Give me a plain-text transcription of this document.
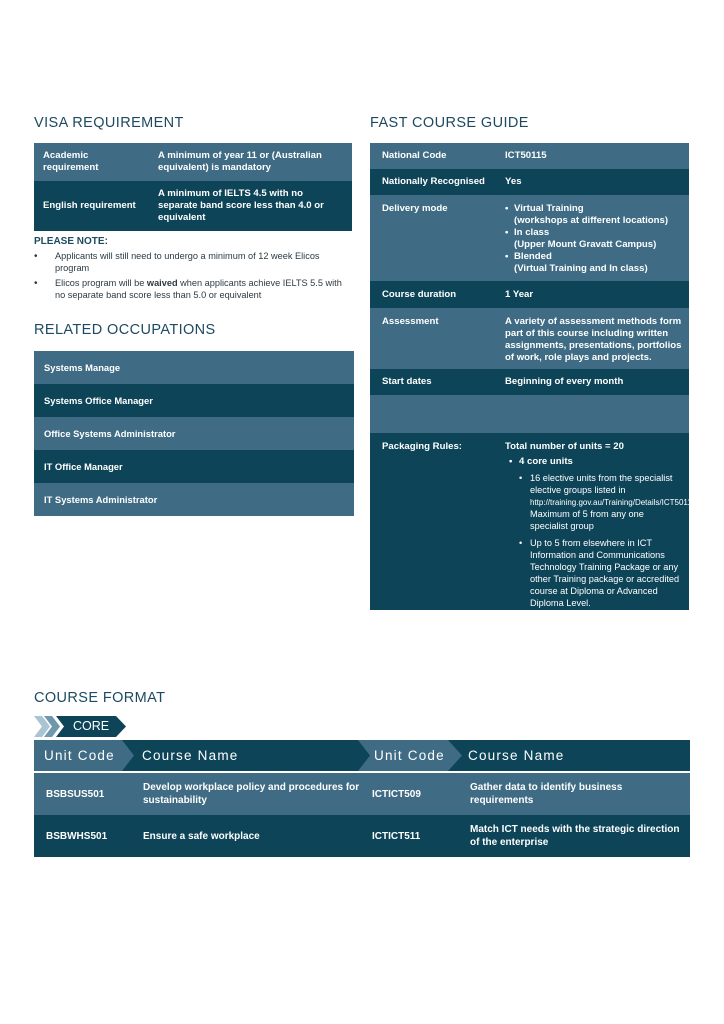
VISA REQUIREMENT
Academic requirement
A minimum of year 11 or (Australian equivalent) is mandatory
English requirement
A minimum of IELTS 4.5 with no separate band score less than 4.0 or equivalent
PLEASE NOTE:
• Applicants will still need to undergo a minimum of 12 week Elicos program
• Elicos program will be waived when applicants achieve IELTS 5.5 with no separate band score less than 5.0 or equivalent
RELATED OCCUPATIONS
Systems Manage
Systems Office Manager
Office Systems Administrator
IT Office Manager
IT Systems Administrator
FAST COURSE GUIDE
National Code	ICT50115
Nationally Recognised	Yes
Delivery mode
•	Virtual Training
(workshops at different locations)
• In class
(Upper Mount Gravatt Campus)
• Blended
(Virtual Training and In class)
Course duration	1 Year
Assessment	A variety of assessment methods form part of this course including written assignments, presentations, portfolios of work, role plays and projects.
Start dates	Beginning of every month
Packaging Rules:	Total number of units = 20
• 4 core units
• 16 elective units from the specialist elective groups listed in http://training.gov.au/Training/Details/ICT50115. Maximum of 5 from any one specialist group
• Up to 5 from elsewhere in ICT Information and Communications Technology Training Package or any other Training package or accredited course at Diploma or Advanced Diploma Level.
COURSE FORMAT
CORE
Unit Code	Course Name	Unit Code	Course Name
BSBSUS501
Develop workplace policy and procedures for sustainability
ICTICT509
Gather data to identify business requirements
BSBWHS501	Ensure a safe workplace	ICTICT511
Match ICT needs with the strategic direction of the enterprise
